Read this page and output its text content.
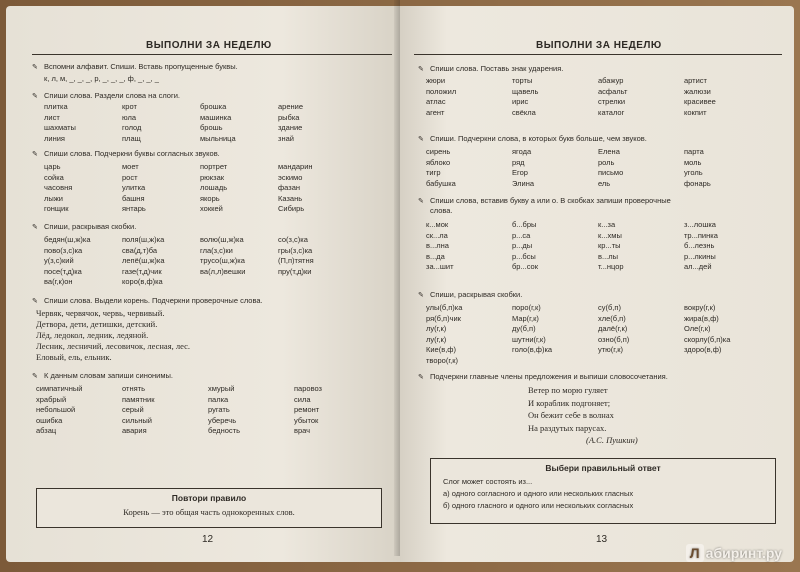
ВЫПОЛНИ ЗА НЕДЕЛЮ
✎ Вспомни алфавит. Спиши. Вставь пропущенные буквы.
к, л, м, _, _, _, р, _, _, _, ф, _, _, _
✎ Спиши слова. Раздели слова на слоги.
плитка	крот	брошка	арение
лист	юла	машинка	рыбка
шахматы	голод	брошь	здание
линия	плащ	мыльница	знай
✎ Спиши слова. Подчеркни буквы согласных звуков.
царь	моет	портрет	мандарин
сойка	рост	рюкзак	эскимо
часовня	улитка	лошадь	фазан
лыжи	башня	якорь	Казань
гонщик	янтарь	хоккей	Сибирь
✎ Спиши, раскрывая скобки.
бедян(ш,ж)ка	поля(ш,ж)ка	волю(ш,ж)ка	со(з,с)ка
пово(з,с)ка	сва(д,т)ба	гла(з,с)ки	гры(з,с)ка
у(з,с)кий	лепё(ш,ж)ка	трусо(ш,ж)ка	(П,п)тятня
посе(т,д)ка	газе(т,д)чик	ва(л,л)вешки	пру(т,д)ки
ва(г,к)он	коро(в,ф)ка
✎ Спиши слова. Выдели корень. Подчеркни проверочные слова.
Червяк, червячок, червь, червивый.
Детвора, дети, детишки, детский.
Лёд, ледокол, ледник, ледяной.
Лесник, лесничий, лесовичок, лесная, лес.
Еловый, ель, ельник.
✎ К данным словам запиши синонимы.
симпатичный	отнять	хмурый	паровоз
храбрый	памятник	палка	сила
небольшой	серый	ругать	ремонт
ошибка	сильный	уберечь	убыток
абзац	авария	бедность	врач
Повтори правило
Корень — это общая часть однокоренных слов.
12
ВЫПОЛНИ ЗА НЕДЕЛЮ
✎ Спиши слова. Поставь знак ударения.
жюри	торты	абажур	артист
положил	щавель	асфальт	жалюзи
атлас	ирис	стрелки	красивее
агент	свёкла	каталог	кокпит
✎ Спиши. Подчеркни слова, в которых букв больше, чем звуков.
сирень	ягода	Елена	парта
яблоко	ряд	роль	моль
тигр	Егор	письмо	уголь
бабушка	Элина	ель	фонарь
✎ Спиши слова, вставив букву а или о. В скобках запиши проверочные
слова.
к...мок	б...бры	к...за	з...лошка
ск...ла	р...са	к...хмы	тр...пинка
в...лна	р...ды	кр...ты	б...лезнь
в...да	р...бсы	в...лы	р...лкины
за...шит	бр...сок	т...нцор	ал...дей
✎ Спиши, раскрывая скобки.
улы(б,п)ка	поро(г,к)	су(б,п)	вокру(г,к)
ря(б,п)чик	Мар(г,к)	хле(б,п)	жира(в,ф)
лу(г,к)	ду(б,п)	далё(г,к)	Оле(г,к)
лу(г,к)	шутни(г,к)	озно(б,п)	скорлу(б,п)ка
Кие(в,ф)	голо(в,ф)ка	утю(г,к)	здоро(в,ф)
творо(г,к)
✎ Подчеркни главные члены предложения и выпиши словосочетания.
Ветер по морю гуляет
И кораблик подгоняет;
Он бежит себе в волнах
На раздутых парусах.
(А.С. Пушкин)
Выбери правильный ответ
Слог может состоять из...
а) одного согласного и одного или нескольких гласных
б) одного гласного и одного или нескольких согласных
13
Л абиринт.ру
